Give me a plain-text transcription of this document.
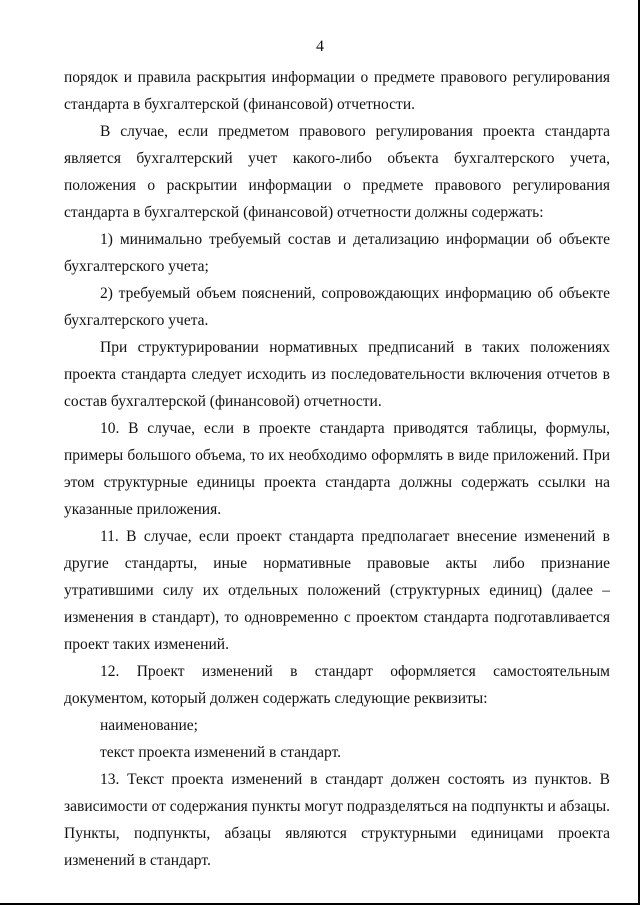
4

порядок и правила раскрытия информации о предмете правового регулирования стандарта в бухгалтерской (финансовой) отчетности.

В случае, если предметом правового регулирования проекта стандарта является бухгалтерский учет какого-либо объекта бухгалтерского учета, положения о раскрытии информации о предмете правового регулирования стандарта в бухгалтерской (финансовой) отчетности должны содержать:

1) минимально требуемый состав и детализацию информации об объекте бухгалтерского учета;

2) требуемый объем пояснений, сопровождающих информацию об объекте бухгалтерского учета.

При структурировании нормативных предписаний в таких положениях проекта стандарта следует исходить из последовательности включения отчетов в состав бухгалтерской (финансовой) отчетности.

10. В случае, если в проекте стандарта приводятся таблицы, формулы, примеры большого объема, то их необходимо оформлять в виде приложений. При этом структурные единицы проекта стандарта должны содержать ссылки на указанные приложения.

11. В случае, если проект стандарта предполагает внесение изменений в другие стандарты, иные нормативные правовые акты либо признание утратившими силу их отдельных положений (структурных единиц) (далее – изменения в стандарт), то одновременно с проектом стандарта подготавливается проект таких изменений.

12. Проект изменений в стандарт оформляется самостоятельным документом, который должен содержать следующие реквизиты:

наименование;

текст проекта изменений в стандарт.

13. Текст проекта изменений в стандарт должен состоять из пунктов. В зависимости от содержания пункты могут подразделяться на подпункты и абзацы. Пункты, подпункты, абзацы являются структурными единицами проекта изменений в стандарт.
